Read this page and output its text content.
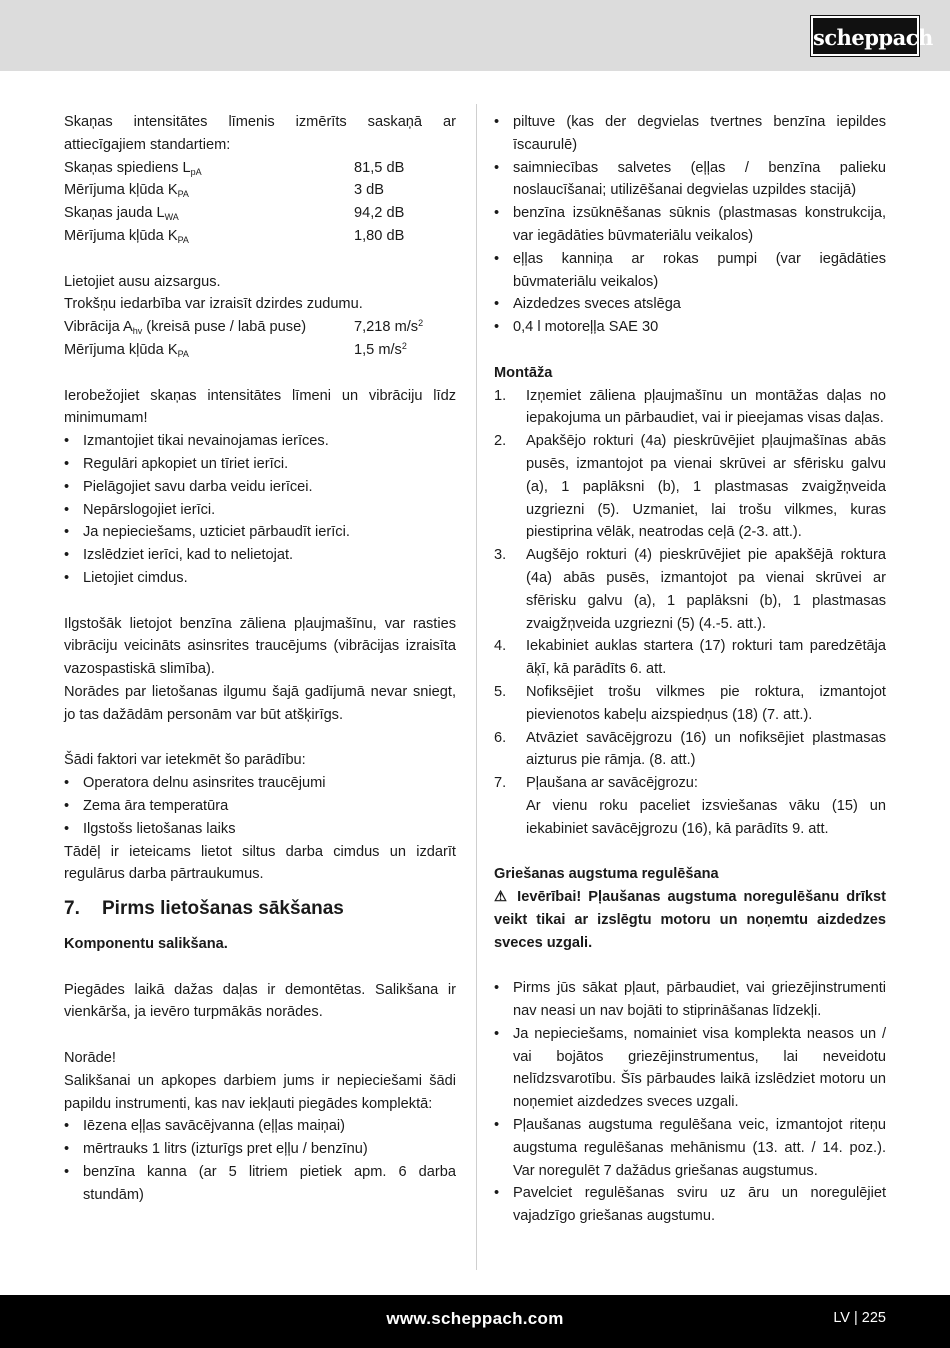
scheppach

Skaņas intensitātes līmenis izmērīts saskaņā ar attiecīgajiem standartiem:

Skaņas spiediens $L_{pA}$	81,5 dB
Mērījuma kļūda $K_{PA}$	3 dB
Skaņas jauda $L_{WA}$	94,2 dB
Mērījuma kļūda $K_{PA}$	1,80 dB

Lietojiet ausu aizsargus.

Trokšņu iedarbība var izraisīt dzirdes zudumu.

Vibrācija $A_{hv}$ (kreisā puse / labā puse)	7,218 $m/s^2$
Mērījuma kļūda $K_{PA}$	1,5 $m/s^2$

Ierobežojiet skaņas intensitātes līmeni un vibrāciju līdz minimumam!

• Izmantojiet tikai nevainojamas ierīces.
• Regulāri apkopiet un tīriet ierīci.
• Pielāgojiet savu darba veidu ierīcei.
• Nepārslogojiet ierīci.
• Ja nepieciešams, uzticiet pārbaudīt ierīci.
• Izslēdziet ierīci, kad to nelietojat.
• Lietojiet cimdus.

Ilgstošāk lietojot benzīna zāliena pļaujmašīnu, var rasties vibrāciju veicināts asinsrites traucējums (vibrācijas izraisīta vazospastiskā slimība).

Norādes par lietošanas ilgumu šajā gadījumā nevar sniegt, jo tas dažādām personām var būt atšķirīgs.

Šādi faktori var ietekmēt šo parādību:

• Operatora delnu asinsrites traucējumi
• Zema āra temperatūra
• Ilgstošs lietošanas laiks

Tādēļ ir ieteicams lietot siltus darba cimdus un izdarīt regulārus darba pārtraukumus.

7.	Pirms lietošanas sākšanas

Komponentu salikšana.

Piegādes laikā dažas daļas ir demontētas. Salikšana ir vienkārša, ja ievēro turpmākās norādes.

Norāde!

Salikšanai un apkopes darbiem jums ir nepieciešami šādi papildu instrumenti, kas nav iekļauti piegādes komplektā:

• Iēzena eļļas savācējvanna (eļļas maiņai)
• mērtrauks 1 litrs (izturīgs pret eļļu / benzīnu)
• benzīna kanna (ar 5 litriem pietiek apm. 6 darba stundām)
• piltuve (kas der degvielas tvertnes benzīna iepildes īscaurulē)
• saimniecības salvetes (eļļas / benzīna palieku noslaucīšanai; utilizēšanai degvielas uzpildes stacijā)
• benzīna izsūknēšanas sūknis (plastmasas konstrukcija, var iegādāties būvmateriālu veikalos)
• eļļas kanniņa ar rokas pumpi (var iegādāties būvmateriālu veikalos)
• Aizdedzes sveces atslēga
• 0,4 l motoreļļa SAE 30

Montāža

1. Izņemiet zāliena pļaujmašīnu un montāžas daļas no iepakojuma un pārbaudiet, vai ir pieejamas visas daļas.
2. Apakšējo rokturi (4a) pieskrūvējiet pļaujmašīnas abās pusēs, izmantojot pa vienai skrūvei ar sfērisku galvu (a), 1 paplāksni (b), 1 plastmasas zvaigžņveida uzgriezni (5). Uzmaniet, lai trošu vilkmes, kuras piestiprina vēlāk, neatrodas ceļā (2-3. att.).
3. Augšējo rokturi (4) pieskrūvējiet pie apakšējā roktura (4a) abās pusēs, izmantojot pa vienai skrūvei ar sfērisku galvu (a), 1 paplāksni (b), 1 plastmasas zvaigžņveida uzgriezni (5) (4.-5. att.).
4. Iekabiniet auklas startera (17) rokturi tam paredzētāja āķī, kā parādīts 6. att.
5. Nofiksējiet trošu vilkmes pie roktura, izmantojot pievienotos kabeļu aizspiedņus (18) (7. att.).
6. Atvāziet savācējgrozu (16) un nofiksējiet plastmasas aizturus pie rāmja. (8. att.)
7. Pļaušana ar savācējgrozu:
Ar vienu roku paceliet izsviešanas vāku (15) un iekabiniet savācējgrozu (16), kā parādīts 9. att.

Griešanas augstuma regulēšana

⚠ Ievērībai! Pļaušanas augstuma noregulēšanu drīkst veikt tikai ar izslēgtu motoru un noņemtu aizdedzes sveces uzgali.

• Pirms jūs sākat pļaut, pārbaudiet, vai griezējinstrumenti nav neasi un nav bojāti to stiprināšanas līdzekļi.
• Ja nepieciešams, nomainiet visa komplekta neasos un / vai bojātos griezējinstrumentus, lai neveidotu nelīdzsvarotību. Šīs pārbaudes laikā izslēdziet motoru un noņemiet aizdedzes sveces uzgali.
• Pļaušanas augstuma regulēšana veic, izmantojot riteņu augstuma regulēšanas mehānismu (13. att. / 14. poz.). Var noregulēt 7 dažādus griešanas augstumus.
• Pavelciet regulēšanas sviru uz āru un noregulējiet vajadzīgo griešanas augstumu.
www.scheppach.com	LV | 225
